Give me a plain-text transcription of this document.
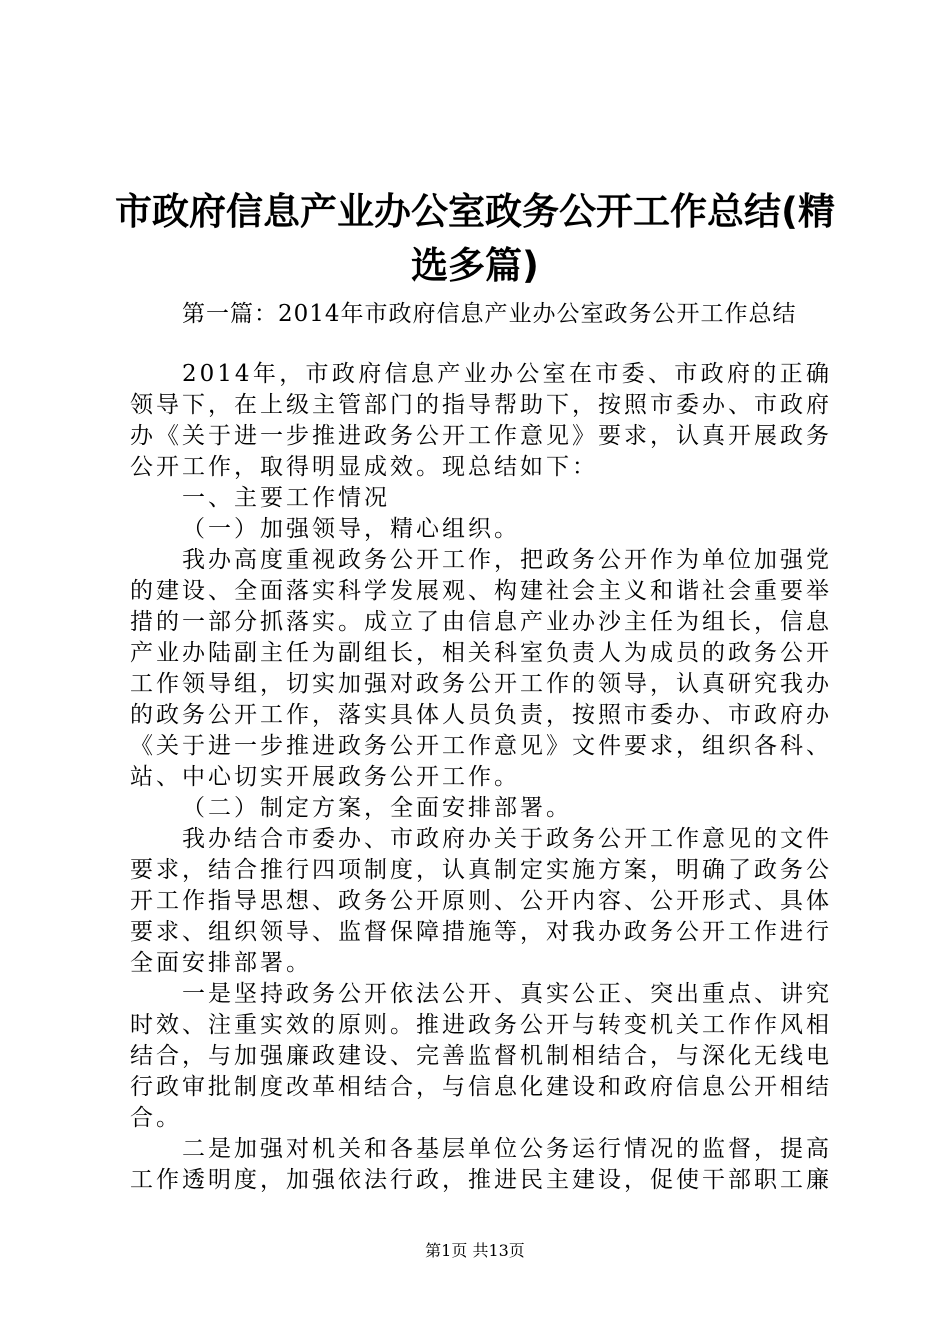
市政府信息产业办公室政务公开工作总结(精选多篇)
第一篇：2014年市政府信息产业办公室政务公开工作总结

2014年，市政府信息产业办公室在市委、市政府的正确领导下，在上级主管部门的指导帮助下，按照市委办、市政府办《关于进一步推进政务公开工作意见》要求，认真开展政务公开工作，取得明显成效。现总结如下：

一、主要工作情况

（一）加强领导，精心组织。

我办高度重视政务公开工作，把政务公开作为单位加强党的建设、全面落实科学发展观、构建社会主义和谐社会重要举措的一部分抓落实。成立了由信息产业办沙主任为组长，信息产业办陆副主任为副组长，相关科室负责人为成员的政务公开工作领导组，切实加强对政务公开工作的领导，认真研究我办的政务公开工作，落实具体人员负责，按照市委办、市政府办《关于进一步推进政务公开工作意见》文件要求，组织各科、站、中心切实开展政务公开工作。

（二）制定方案，全面安排部署。

我办结合市委办、市政府办关于政务公开工作意见的文件要求，结合推行四项制度，认真制定实施方案，明确了政务公开工作指导思想、政务公开原则、公开内容、公开形式、具体要求、组织领导、监督保障措施等，对我办政务公开工作进行全面安排部署。

一是坚持政务公开依法公开、真实公正、突出重点、讲究时效、注重实效的原则。推进政务公开与转变机关工作作风相结合，与加强廉政建设、完善监督机制相结合，与深化无线电行政审批制度改革相结合，与信息化建设和政府信息公开相结合。

二是加强对机关和各基层单位公务运行情况的监督，提高工作透明度，加强依法行政，推进民主建设，促使干部职工廉

第1页 共13页
